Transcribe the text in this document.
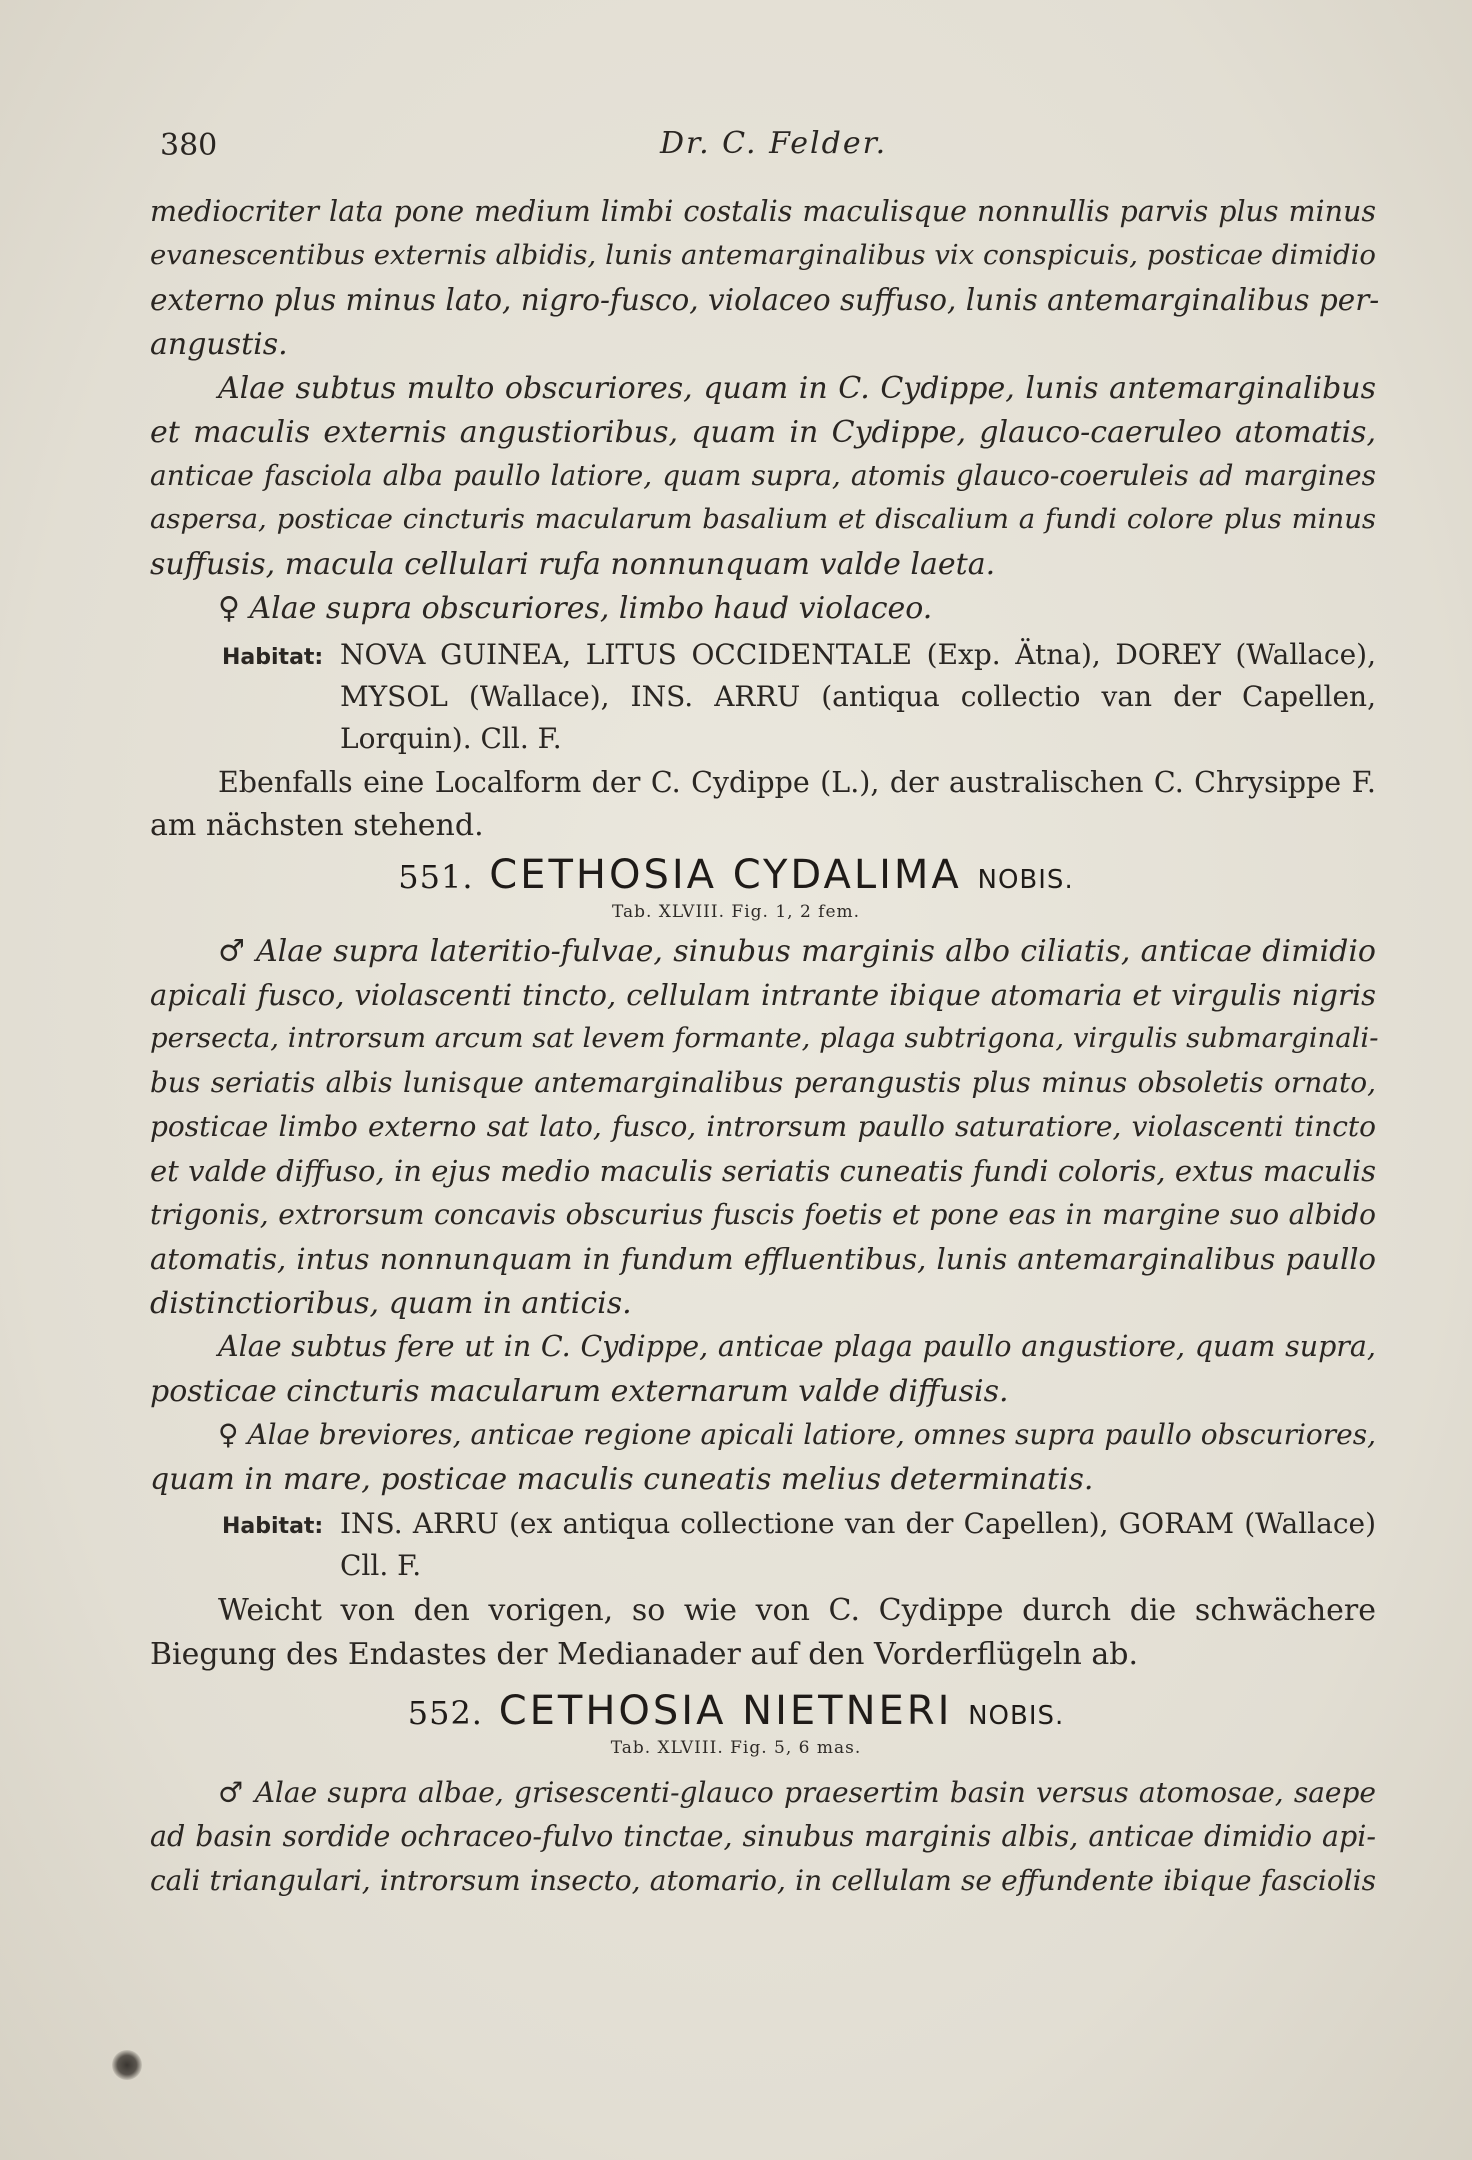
380	Dr. C. Felder.
mediocriter lata pone medium limbi costalis maculisque nonnullis parvis plus minus
evanescentibus externis albidis, lunis antemarginalibus vix conspicuis, posticae dimidio
externo plus minus lato, nigro-fusco, violaceo suffuso, lunis antemarginalibus per-
angustis.
Alae subtus multo obscuriores, quam in C. Cydippe, lunis antemarginalibus
et maculis externis angustioribus, quam in Cydippe, glauco-caeruleo atomatis,
anticae fasciola alba paullo latiore, quam supra, atomis glauco-coeruleis ad margines
aspersa, posticae cincturis macularum basalium et discalium a fundi colore plus minus
suffusis, macula cellulari rufa nonnunquam valde laeta.
♀ Alae supra obscuriores, limbo haud violaceo.
Habitat: NOVA GUINEA, LITUS OCCIDENTALE (Exp. Ätna), DOREY (Wallace),
MYSOL (Wallace), INS. ARRU (antiqua collectio van der Capellen,
Lorquin). Cll. F.
Ebenfalls eine Localform der C. Cydippe (L.), der australischen C. Chrysippe F.
am nächsten stehend.
551. CETHOSIA CYDALIMA NOBIS.
Tab. XLVIII. Fig. 1, 2 fem.
♂ Alae supra lateritio-fulvae, sinubus marginis albo ciliatis, anticae dimidio
apicali fusco, violascenti tincto, cellulam intrante ibique atomaria et virgulis nigris
persecta, introrsum arcum sat levem formante, plaga subtrigona, virgulis submarginali-
bus seriatis albis lunisque antemarginalibus perangustis plus minus obsoletis ornato,
posticae limbo externo sat lato, fusco, introrsum paullo saturatiore, violascenti tincto
et valde diffuso, in ejus medio maculis seriatis cuneatis fundi coloris, extus maculis
trigonis, extrorsum concavis obscurius fuscis foetis et pone eas in margine suo albido
atomatis, intus nonnunquam in fundum effluentibus, lunis antemarginalibus paullo
distinctioribus, quam in anticis.
Alae subtus fere ut in C. Cydippe, anticae plaga paullo angustiore, quam supra,
posticae cincturis macularum externarum valde diffusis.
♀ Alae breviores, anticae regione apicali latiore, omnes supra paullo obscuriores,
quam in mare, posticae maculis cuneatis melius determinatis.
Habitat: INS. ARRU (ex antiqua collectione van der Capellen), GORAM (Wallace)
Cll. F.
Weicht von den vorigen, so wie von C. Cydippe durch die schwächere
Biegung des Endastes der Medianader auf den Vorderflügeln ab.
552. CETHOSIA NIETNERI NOBIS.
Tab. XLVIII. Fig. 5, 6 mas.
♂ Alae supra albae, grisescenti-glauco praesertim basin versus atomosae, saepe
ad basin sordide ochraceo-fulvo tinctae, sinubus marginis albis, anticae dimidio api-
cali triangulari, introrsum insecto, atomario, in cellulam se effundente ibique fasciolis
